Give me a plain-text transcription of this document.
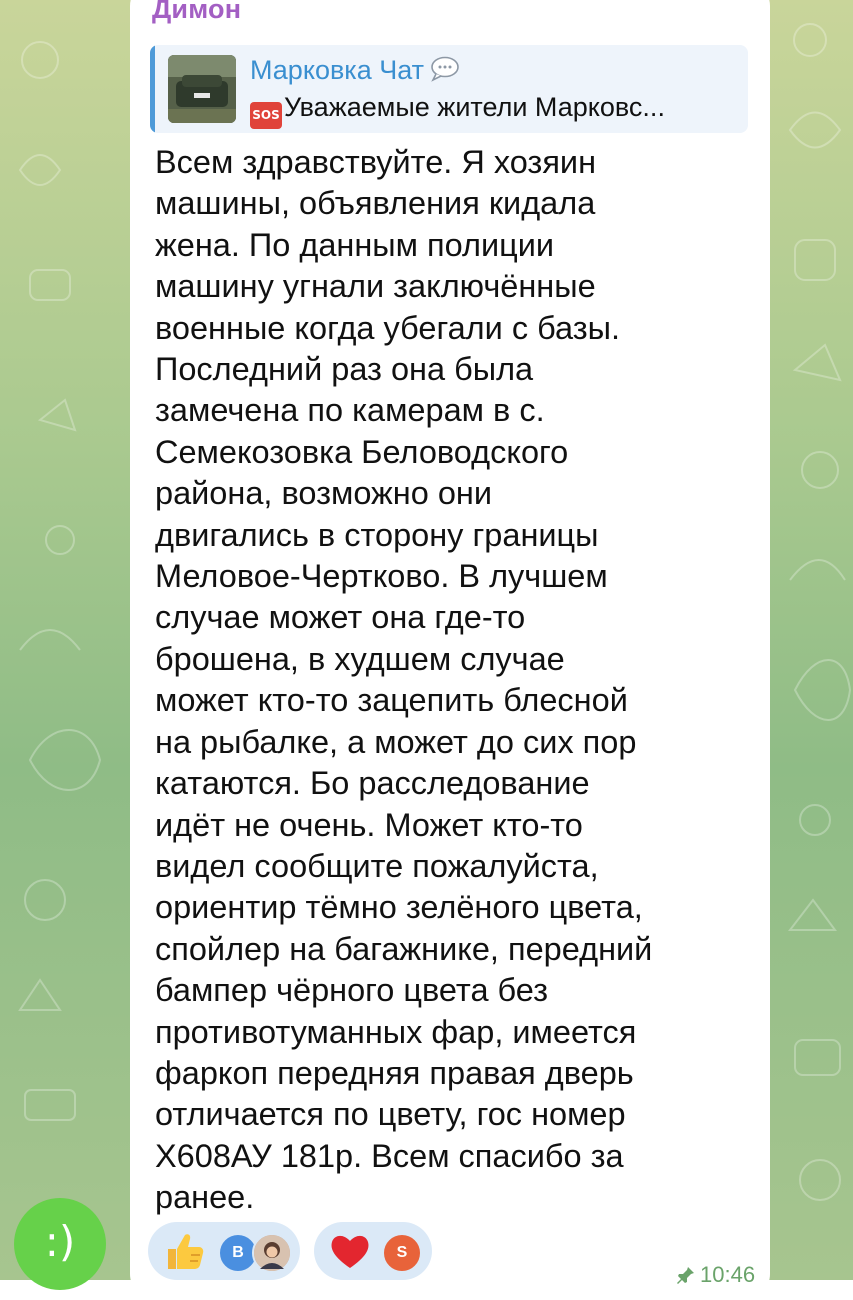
Димон
Марковка Чат
SOS Уважаемые жители Марковс...
Всем здравствуйте. Я хозяин
машины, объявления кидала
жена. По данным полиции
машину угнали заключённые
военные когда убегали с базы.
Последний раз она была
замечена по камерам в с.
Семекозовка Беловодского
района, возможно они
двигались в сторону границы
Меловое-Чертково. В лучшем
случае может она где-то
брошена, в худшем случае
может кто-то зацепить блесной
на рыбалке, а может до сих пор
катаются. Бо расследование
идёт не очень. Может кто-то
видел сообщите пожалуйста,
ориентир тёмно зелёного цвета,
спойлер на багажнике, передний
бампер чёрного цвета без
противотуманных фар, имеется
фаркоп передняя правая дверь
отличается по цвету, гос номер
Х608АУ 181р. Всем спасибо за
ранее.
В	S
10:46
:)
